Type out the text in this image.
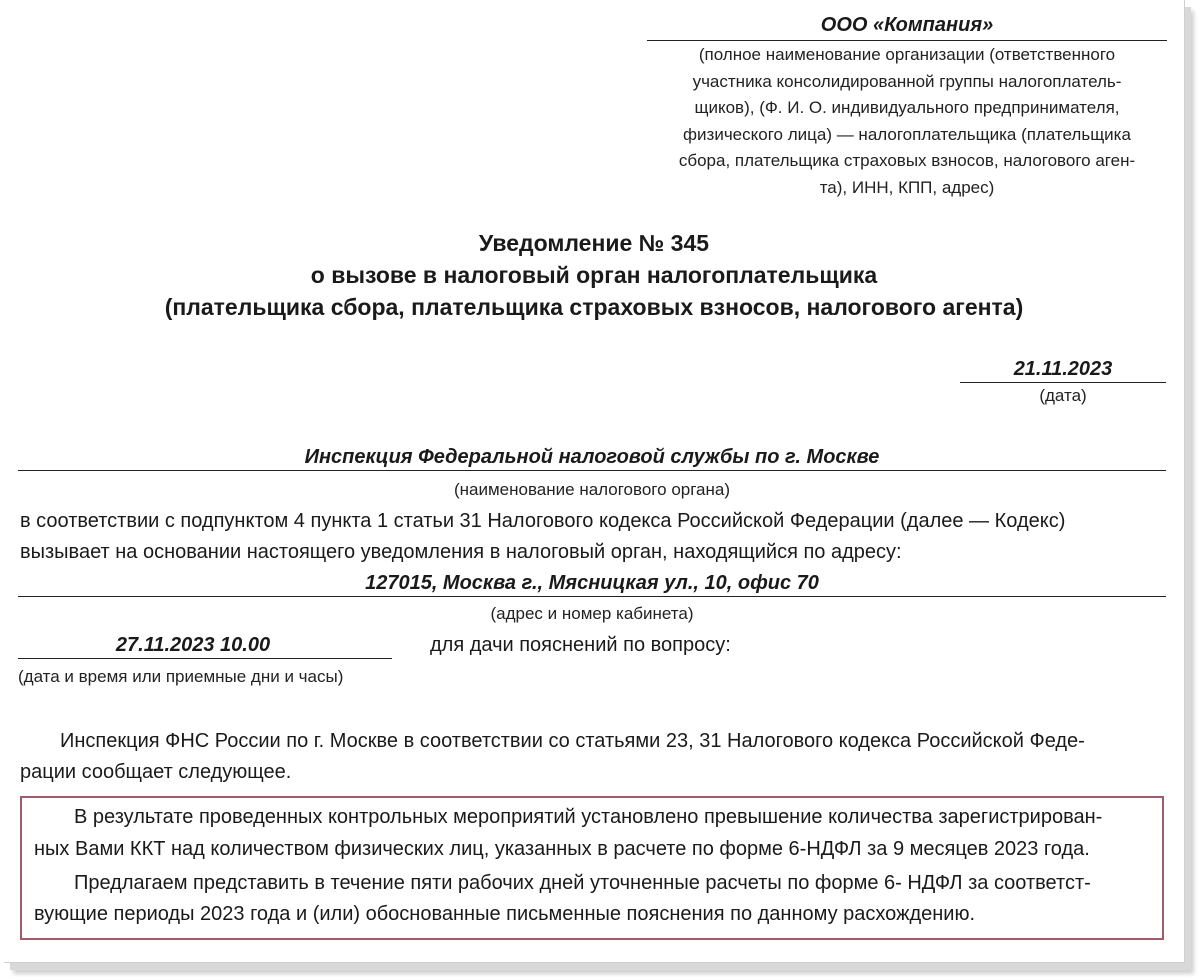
ООО «Компания»
(полное наименование организации (ответственного
участника консолидированной группы налогоплатель-
щиков), (Ф. И. О. индивидуального предпринимателя,
физического лица) — налогоплательщика (плательщика
сбора, плательщика страховых взносов, налогового аген-
та), ИНН, КПП, адрес)
Уведомление № 345
о вызове в налоговый орган налогоплательщика
(плательщика сбора, плательщика страховых взносов, налогового агента)
21.11.2023
(дата)
Инспекция Федеральной налоговой службы по г. Москве
(наименование налогового органа)
в соответствии с подпунктом 4 пункта 1 статьи 31 Налогового кодекса Российской Федерации (далее — Кодекс)
вызывает на основании настоящего уведомления в налоговый орган, находящийся по адресу:
127015, Москва г., Мясницкая ул., 10, офис 70
(адрес и номер кабинета)
27.11.2023 10.00
(дата и время или приемные дни и часы)
для дачи пояснений по вопросу:
Инспекция ФНС России по г. Москве в соответствии со статьями 23, 31 Налогового кодекса Российской Феде-
рации сообщает следующее.
В результате проведенных контрольных мероприятий установлено превышение количества зарегистрирован-
ных Вами ККТ над количеством физических лиц, указанных в расчете по форме 6-НДФЛ за 9 месяцев 2023 года.
Предлагаем представить в течение пяти рабочих дней уточненные расчеты по форме 6- НДФЛ за соответст-
вующие периоды 2023 года и (или) обоснованные письменные пояснения по данному расхождению.
